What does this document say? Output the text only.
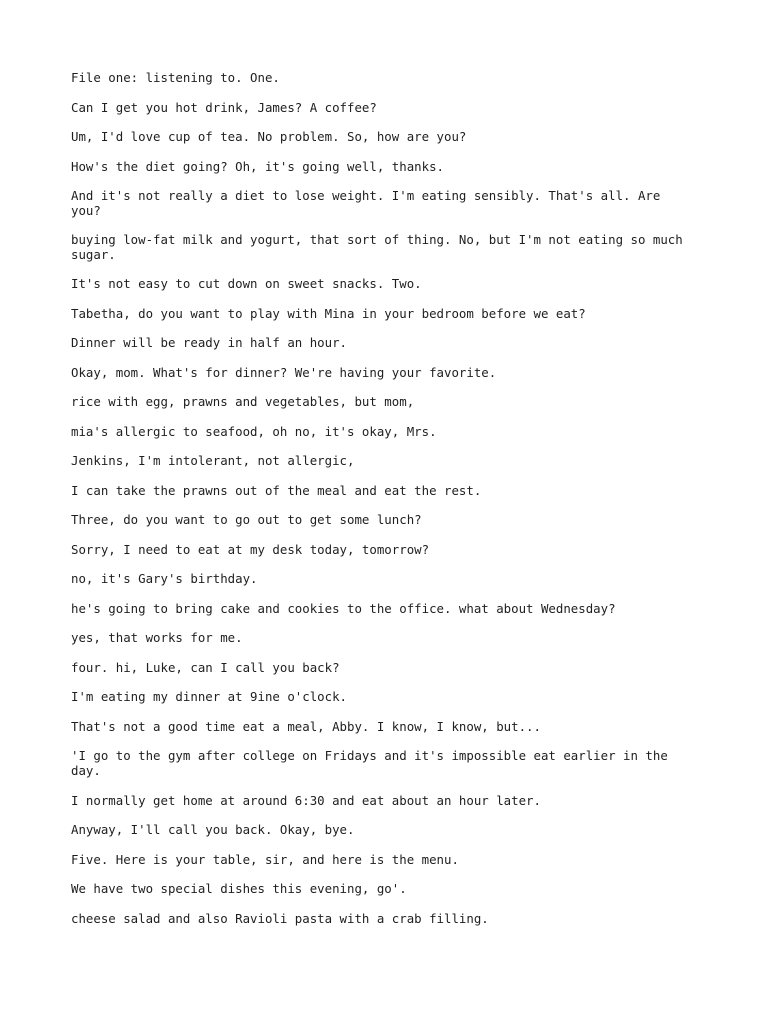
File one: listening to. One.

Can I get you hot drink, James? A coffee?

Um, I'd love cup of tea. No problem. So, how are you?

How's the diet going? Oh, it's going well, thanks.

And it's not really a diet to lose weight. I'm eating sensibly. That's all. Are you?

buying low-fat milk and yogurt, that sort of thing. No, but I'm not eating so much sugar.

It's not easy to cut down on sweet snacks. Two.

Tabetha, do you want to play with Mina in your bedroom before we eat?

Dinner will be ready in half an hour.

Okay, mom. What's for dinner? We're having your favorite.

rice with egg, prawns and vegetables, but mom,

mia's allergic to seafood, oh no, it's okay, Mrs.

Jenkins, I'm intolerant, not allergic,

I can take the prawns out of the meal and eat the rest.

Three, do you want to go out to get some lunch?

Sorry, I need to eat at my desk today, tomorrow?

no, it's Gary's birthday.

he's going to bring cake and cookies to the office. what about Wednesday?

yes, that works for me.

four. hi, Luke, can I call you back?

I'm eating my dinner at 9ine o'clock.

That's not a good time eat a meal, Abby. I know, I know, but...

'I go to the gym after college on Fridays and it's impossible eat earlier in the day.

I normally get home at around 6:30 and eat about an hour later.

Anyway, I'll call you back. Okay, bye.

Five. Here is your table, sir, and here is the menu.

We have two special dishes this evening, go'.

cheese salad and also Ravioli pasta with a crab filling.
